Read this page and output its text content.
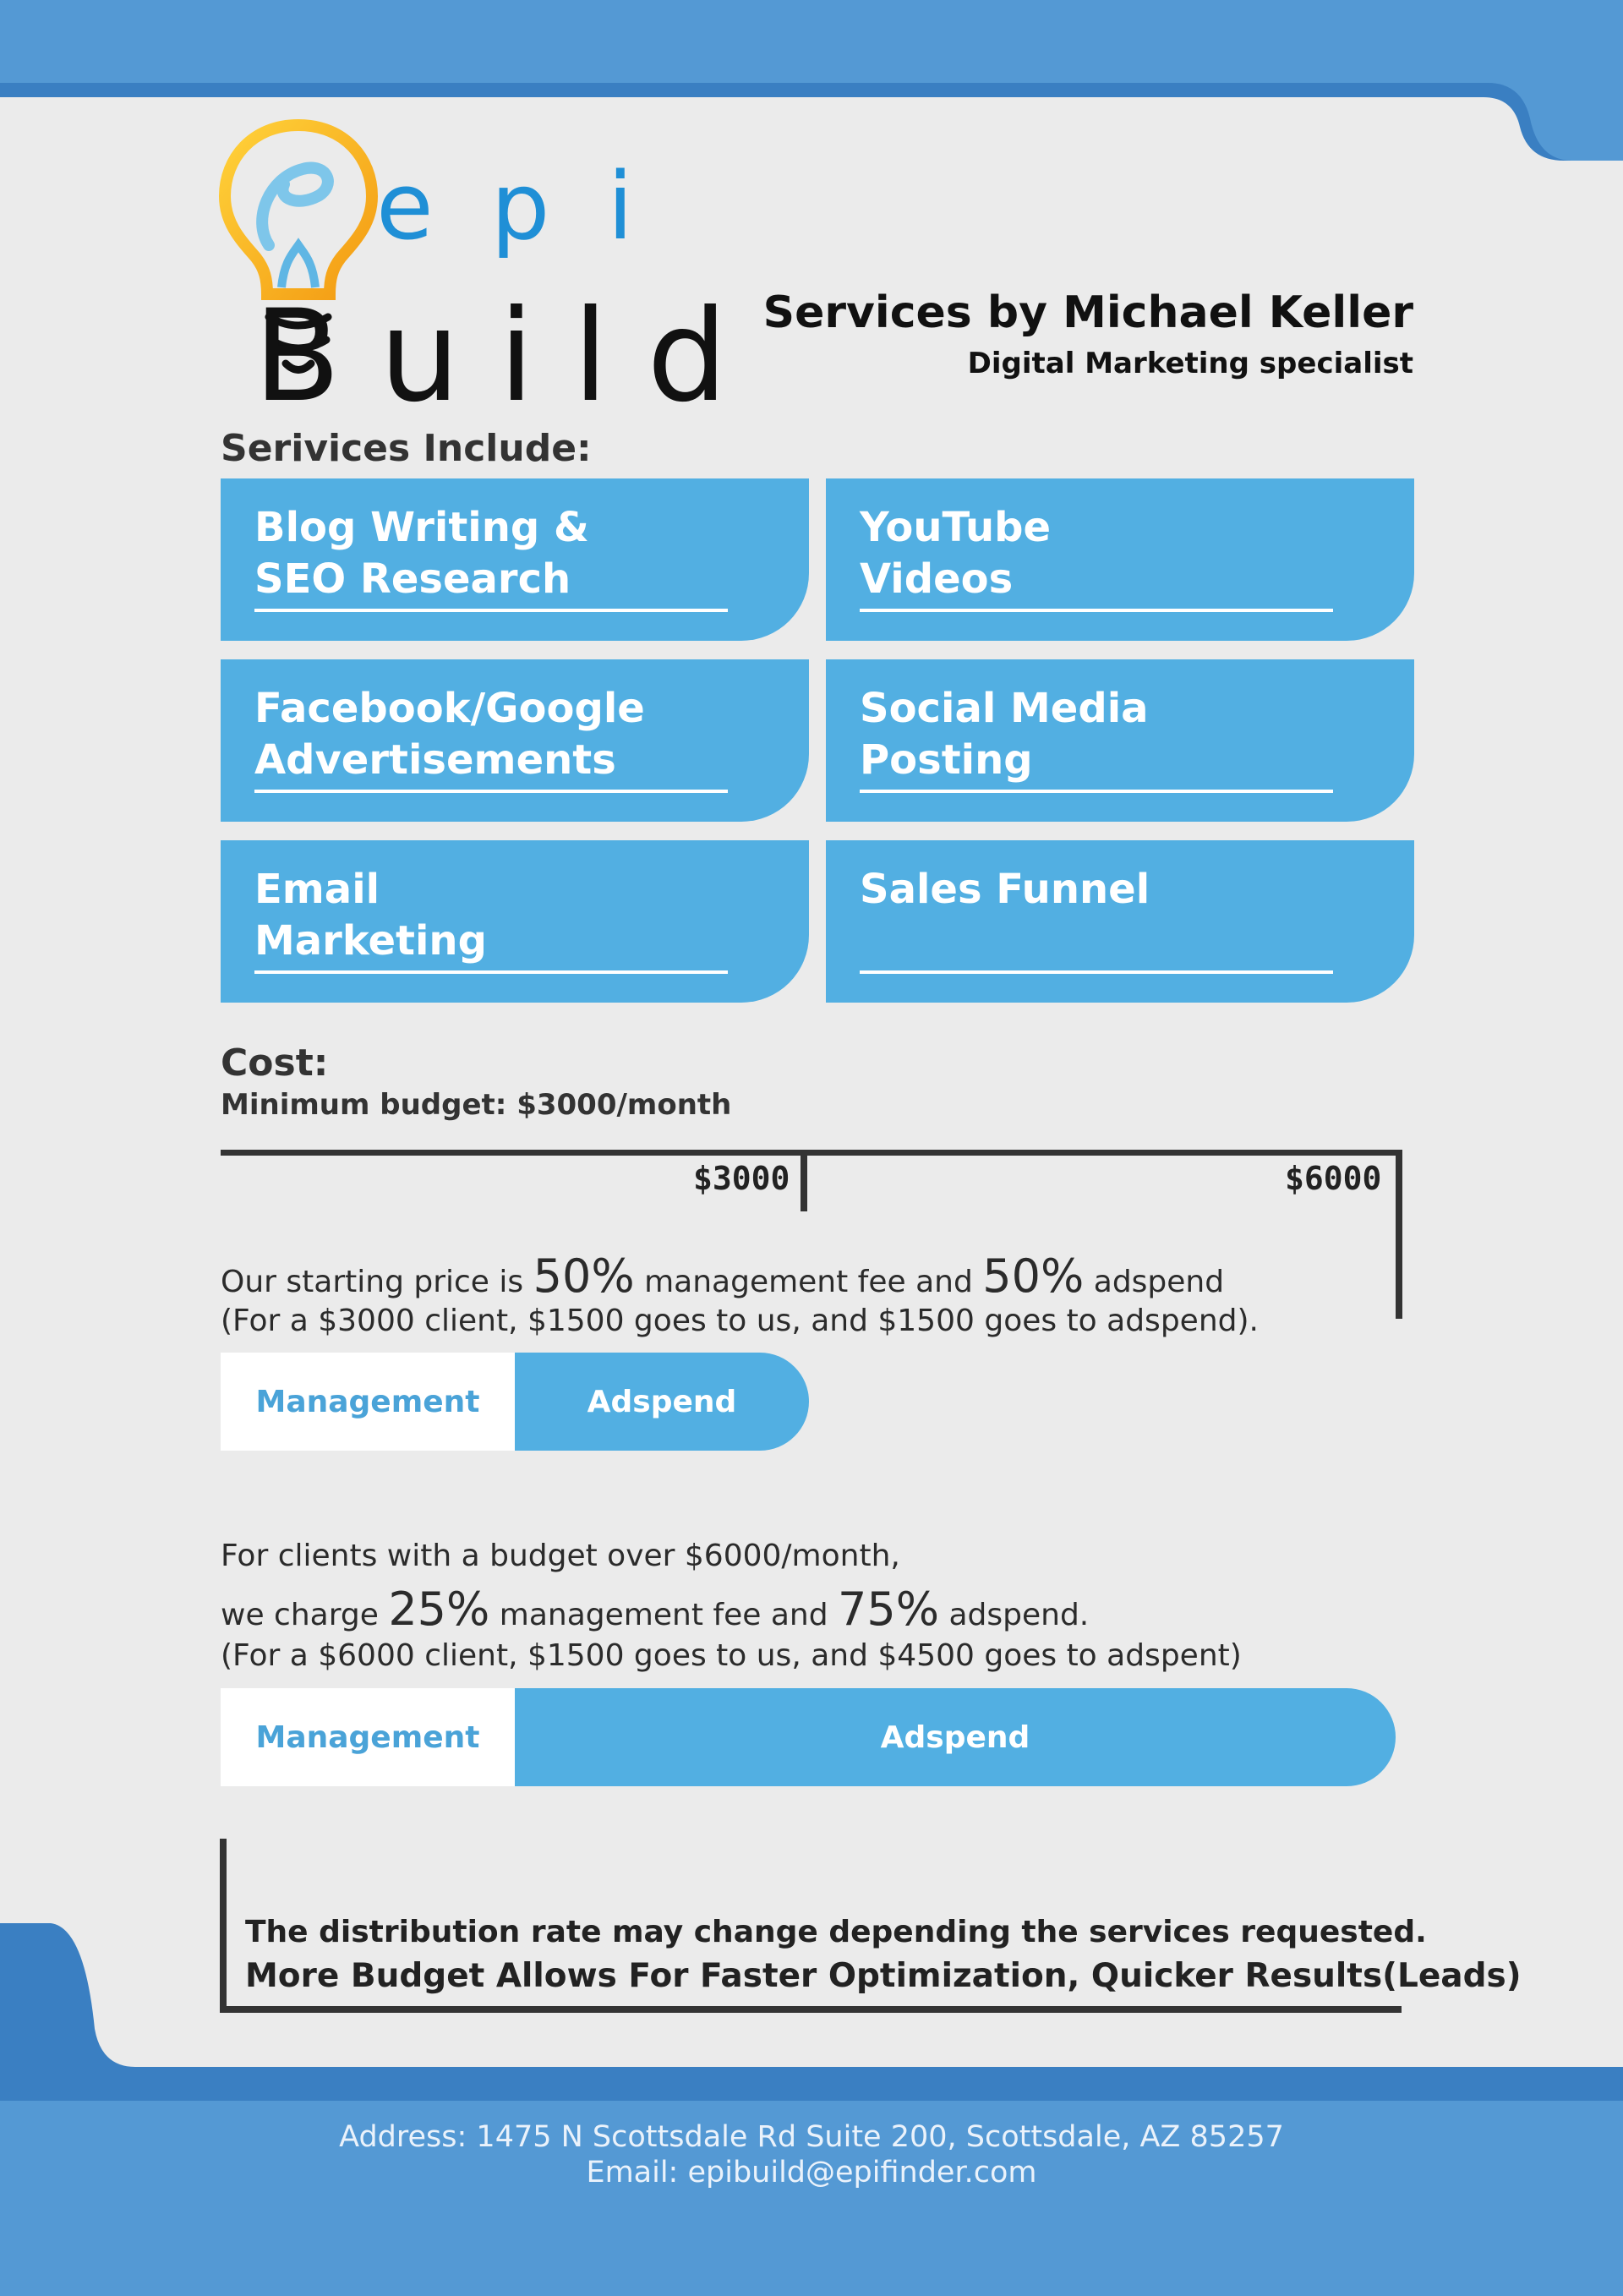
epi
Build
Services by Michael Keller
Digital Marketing specialist
Serivices Include:
Blog Writing &
SEO Research
YouTube
Videos
Facebook/Google
Advertisements
Social Media
Posting
Email
Marketing
Sales Funnel
Cost:
Minimum budget: $3000/month
$3000	$6000
Our starting price is 50% management fee and 50% adspend
(For a $3000 client, $1500 goes to us, and $1500 goes to adspend).
Management	Adspend
For clients with a budget over $6000/month,
we charge 25% management fee and 75% adspend.
(For a $6000 client, $1500 goes to us, and $4500 goes to adspent)
Management	Adspend
The distribution rate may change depending the services requested.
More Budget Allows For Faster Optimization, Quicker Results(Leads)
Address: 1475 N Scottsdale Rd Suite 200, Scottsdale, AZ 85257
Email: epibuild@epifinder.com
